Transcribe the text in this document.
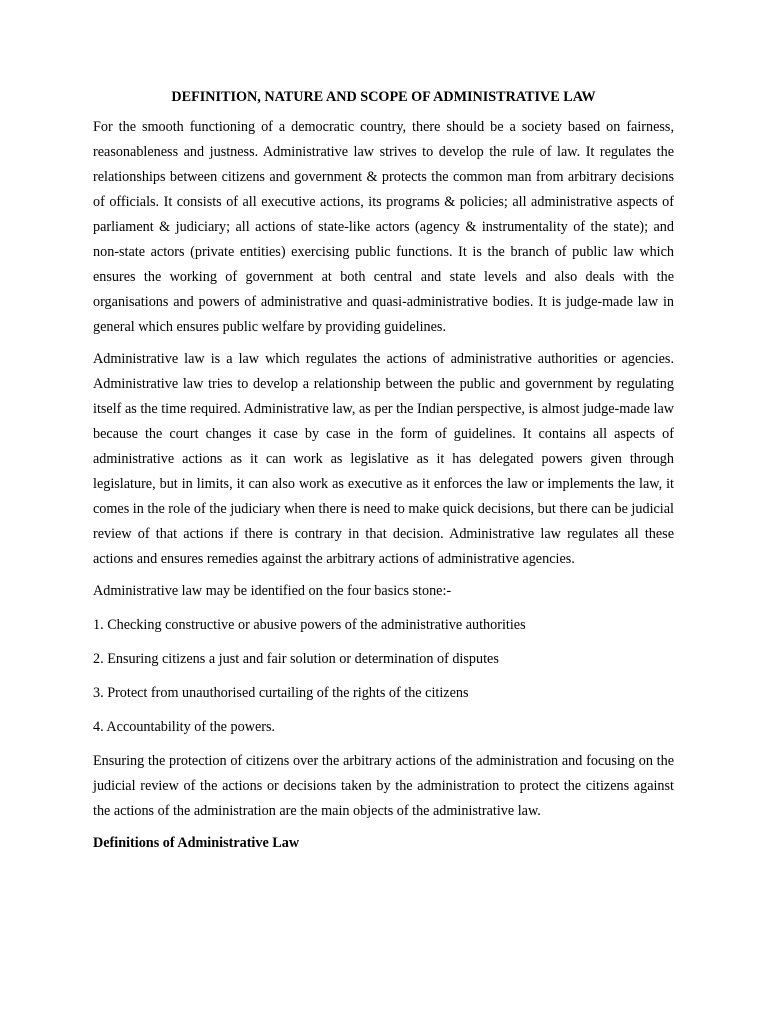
DEFINITION, NATURE AND SCOPE OF ADMINISTRATIVE LAW

For the smooth functioning of a democratic country, there should be a society based on fairness, reasonableness and justness. Administrative law strives to develop the rule of law. It regulates the relationships between citizens and government & protects the common man from arbitrary decisions of officials. It consists of all executive actions, its programs & policies; all administrative aspects of parliament & judiciary; all actions of state-like actors (agency & instrumentality of the state); and non-state actors (private entities) exercising public functions. It is the branch of public law which ensures the working of government at both central and state levels and also deals with the organisations and powers of administrative and quasi-administrative bodies. It is judge-made law in general which ensures public welfare by providing guidelines.

Administrative law is a law which regulates the actions of administrative authorities or agencies. Administrative law tries to develop a relationship between the public and government by regulating itself as the time required. Administrative law, as per the Indian perspective, is almost judge-made law because the court changes it case by case in the form of guidelines. It contains all aspects of administrative actions as it can work as legislative as it has delegated powers given through legislature, but in limits, it can also work as executive as it enforces the law or implements the law, it comes in the role of the judiciary when there is need to make quick decisions, but there can be judicial review of that actions if there is contrary in that decision. Administrative law regulates all these actions and ensures remedies against the arbitrary actions of administrative agencies.

Administrative law may be identified on the four basics stone:-

1. Checking constructive or abusive powers of the administrative authorities

2. Ensuring citizens a just and fair solution or determination of disputes

3. Protect from unauthorised curtailing of the rights of the citizens

4. Accountability of the powers.

Ensuring the protection of citizens over the arbitrary actions of the administration and focusing on the judicial review of the actions or decisions taken by the administration to protect the citizens against the actions of the administration are the main objects of the administrative law.

Definitions of Administrative Law
